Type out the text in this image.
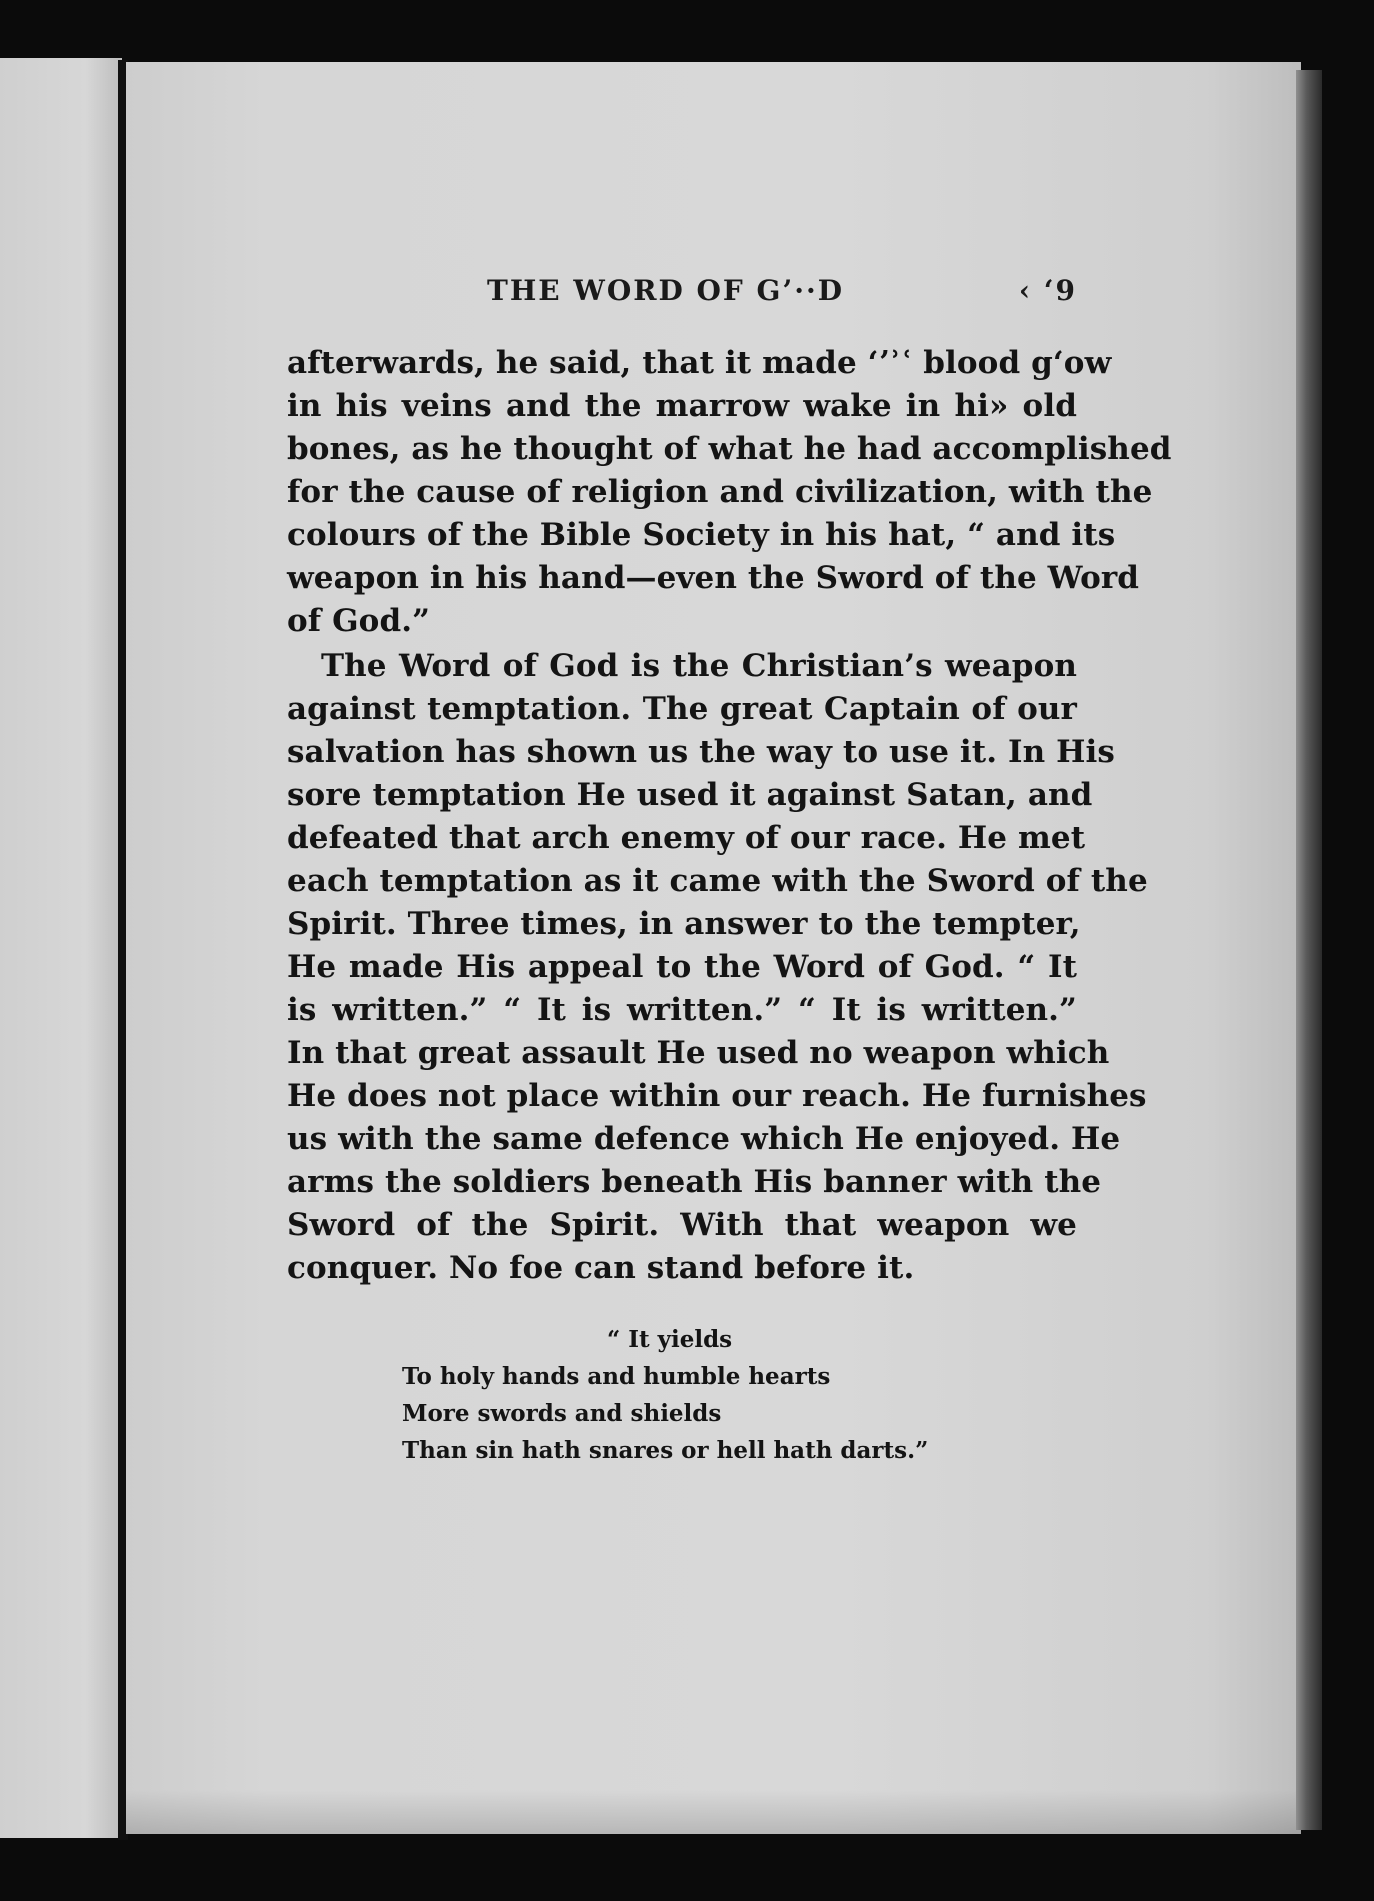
THE WORD OF G’··D	‹ ‘9
afterwards, he said, that it made ʻʼʾʿ blood g‘ow
in his veins and the marrow wake in hi» old
bones, as he thought of what he had accomplished
for the cause of religion and civilization, with the
colours of the Bible Society in his hat, “ and its
weapon in his hand—even the Sword of the Word
of God.”
The Word of God is the Christian’s weapon
against temptation. The great Captain of our
salvation has shown us the way to use it. In His
sore temptation He used it against Satan, and
defeated that arch enemy of our race. He met
each temptation as it came with the Sword of the
Spirit. Three times, in answer to the tempter,
He made His appeal to the Word of God. “ It
is written.” “ It is written.” “ It is written.”
In that great assault He used no weapon which
He does not place within our reach. He furnishes
us with the same defence which He enjoyed. He
arms the soldiers beneath His banner with the
Sword of the Spirit. With that weapon we
conquer. No foe can stand before it.
“ It yields
To holy hands and humble hearts
More swords and shields
Than sin hath snares or hell hath darts.”
